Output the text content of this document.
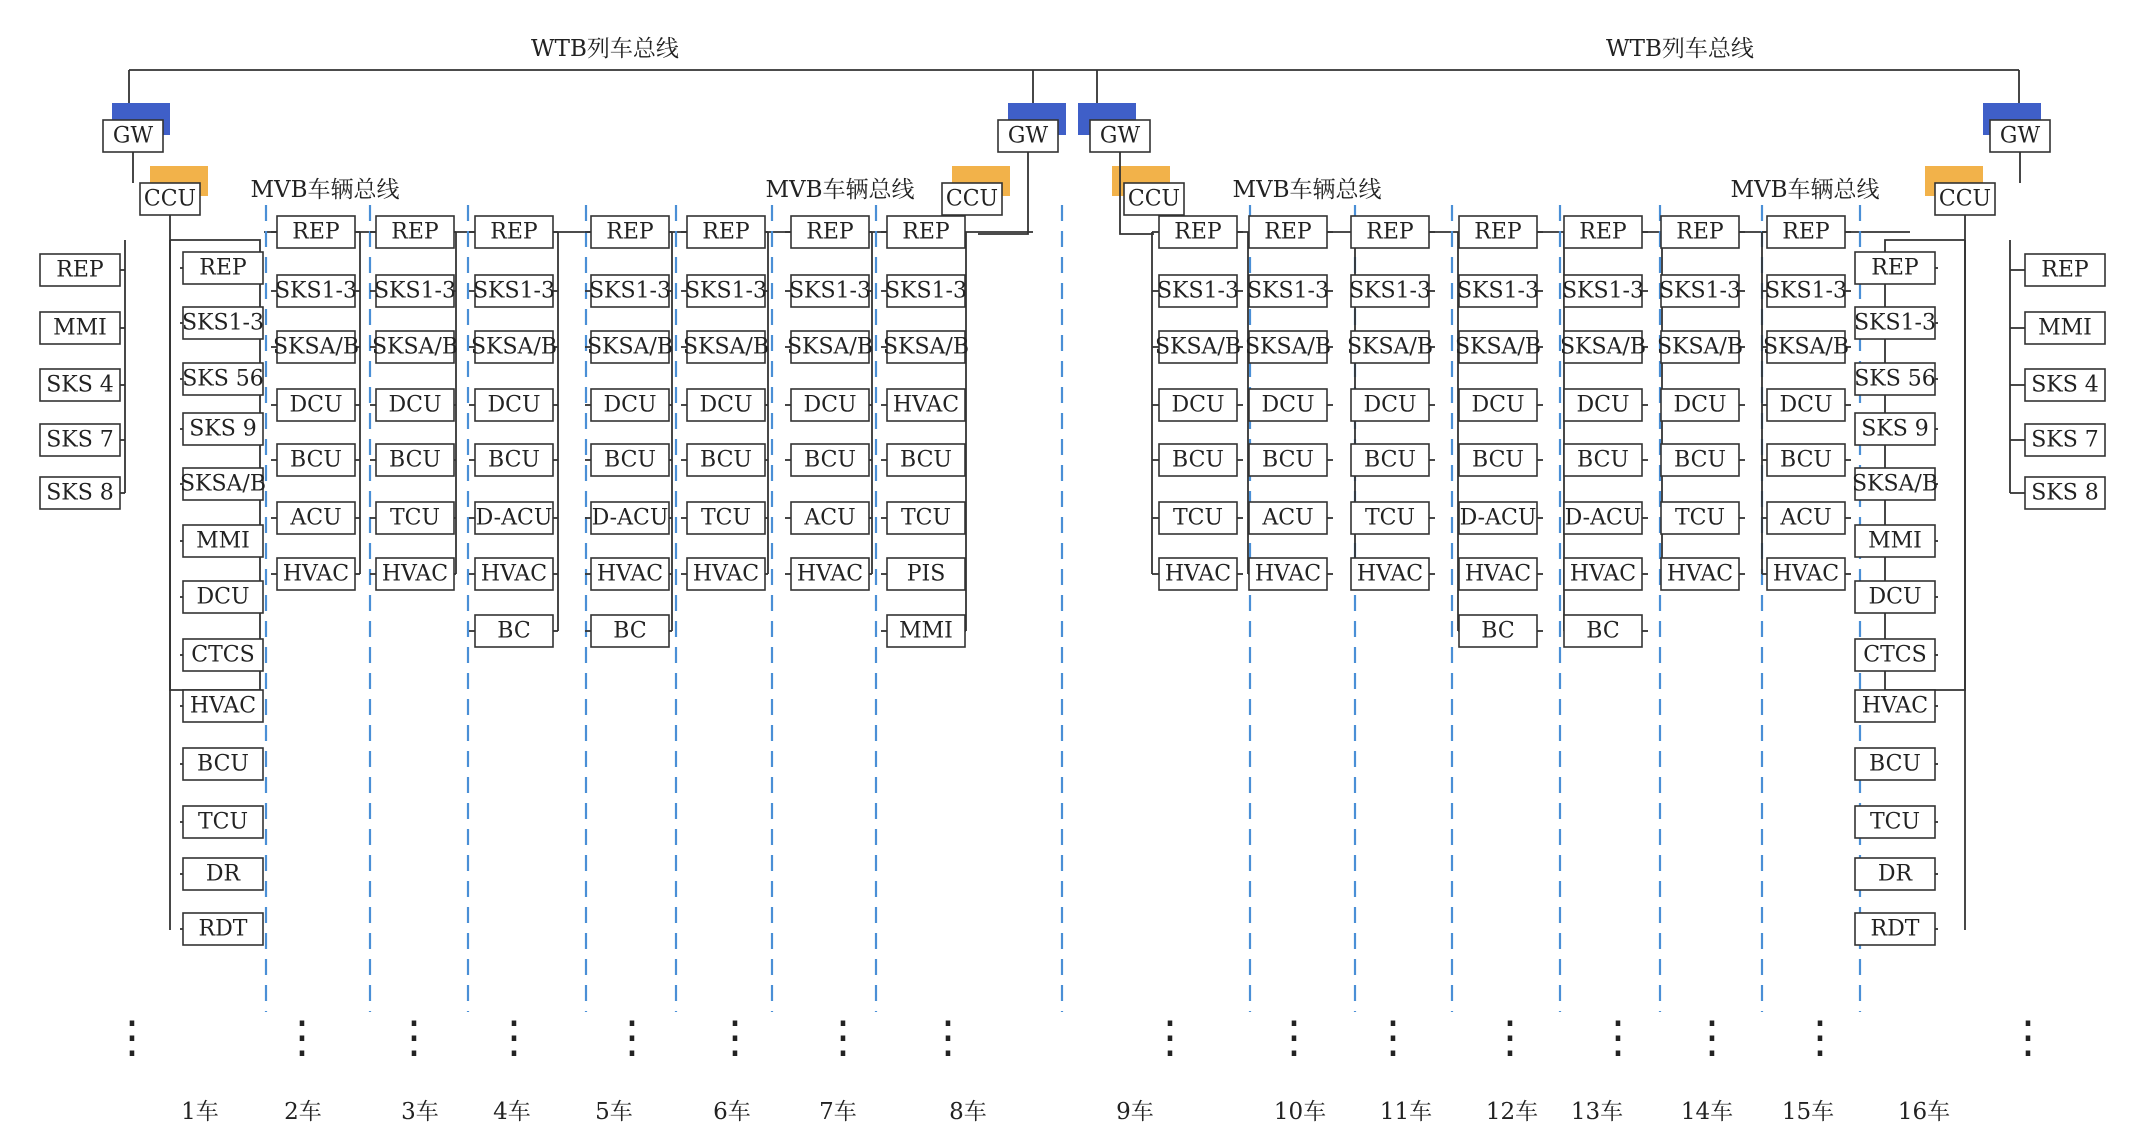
WTB列车总线	WTB列车总线
MVB车辆总线	MVB车辆总线	MVB车辆总线	MVB车辆总线
GW	GW GW	GW
CCU	CCU	CCU	CCU
REP
SKS1-3
SKSA/B
DCU
BCU
ACU
HVAC
REP
SKS1-3
SKSA/B
DCU
BCU
TCU
HVAC
REP
SKS1-3
SKSA/B
DCU
BCU
D-ACU
HVAC
BC
REP
SKS1-3
SKSA/B
DCU
BCU
D-ACU
HVAC
BC
REP
SKS1-3
SKSA/B
DCU
BCU
TCU
HVAC
REP
SKS1-3
SKSA/B
DCU
BCU
ACU
HVAC
REP
SKS1-3
SKSA/B
HVAC
BCU
TCU
PIS
MMI
REP
SKS1-3
SKSA/B
DCU
BCU
TCU
HVAC
REP
SKS1-3
SKSA/B
DCU
BCU
ACU
HVAC
REP
SKS1-3
SKSA/B
DCU
BCU
TCU
HVAC
REP
SKS1-3
SKSA/B
DCU
BCU
D-ACU
HVAC
BC
REP
SKS1-3
SKSA/B
DCU
BCU
D-ACU
HVAC
BC
REP
SKS1-3
SKSA/B
DCU
BCU
TCU
HVAC
REP
SKS1-3
SKSA/B
DCU
BCU
ACU
HVAC
REP
SKS1-3
SKS 56
SKS 9
SKSA/B
MMI
DCU
CTCS
HVAC
BCU
TCU
DR
RDT
REP
SKS1-3
SKS 56
SKS 9
SKSA/B
MMI
DCU
CTCS
HVAC
BCU
TCU
DR
RDT
REP
MMI
SKS 4
SKS 7
SKS 8
REP
MMI
SKS 4
SKS 7
SKS 8
1车
⋮
2车
⋮
3车
⋮
4车
⋮
5车
⋮
6车
⋮
7车
⋮
8车
⋮
9车
⋮
10车
⋮
11车
⋮
12车
⋮
13车
⋮
14车
⋮
15车
⋮
16车
⋮
